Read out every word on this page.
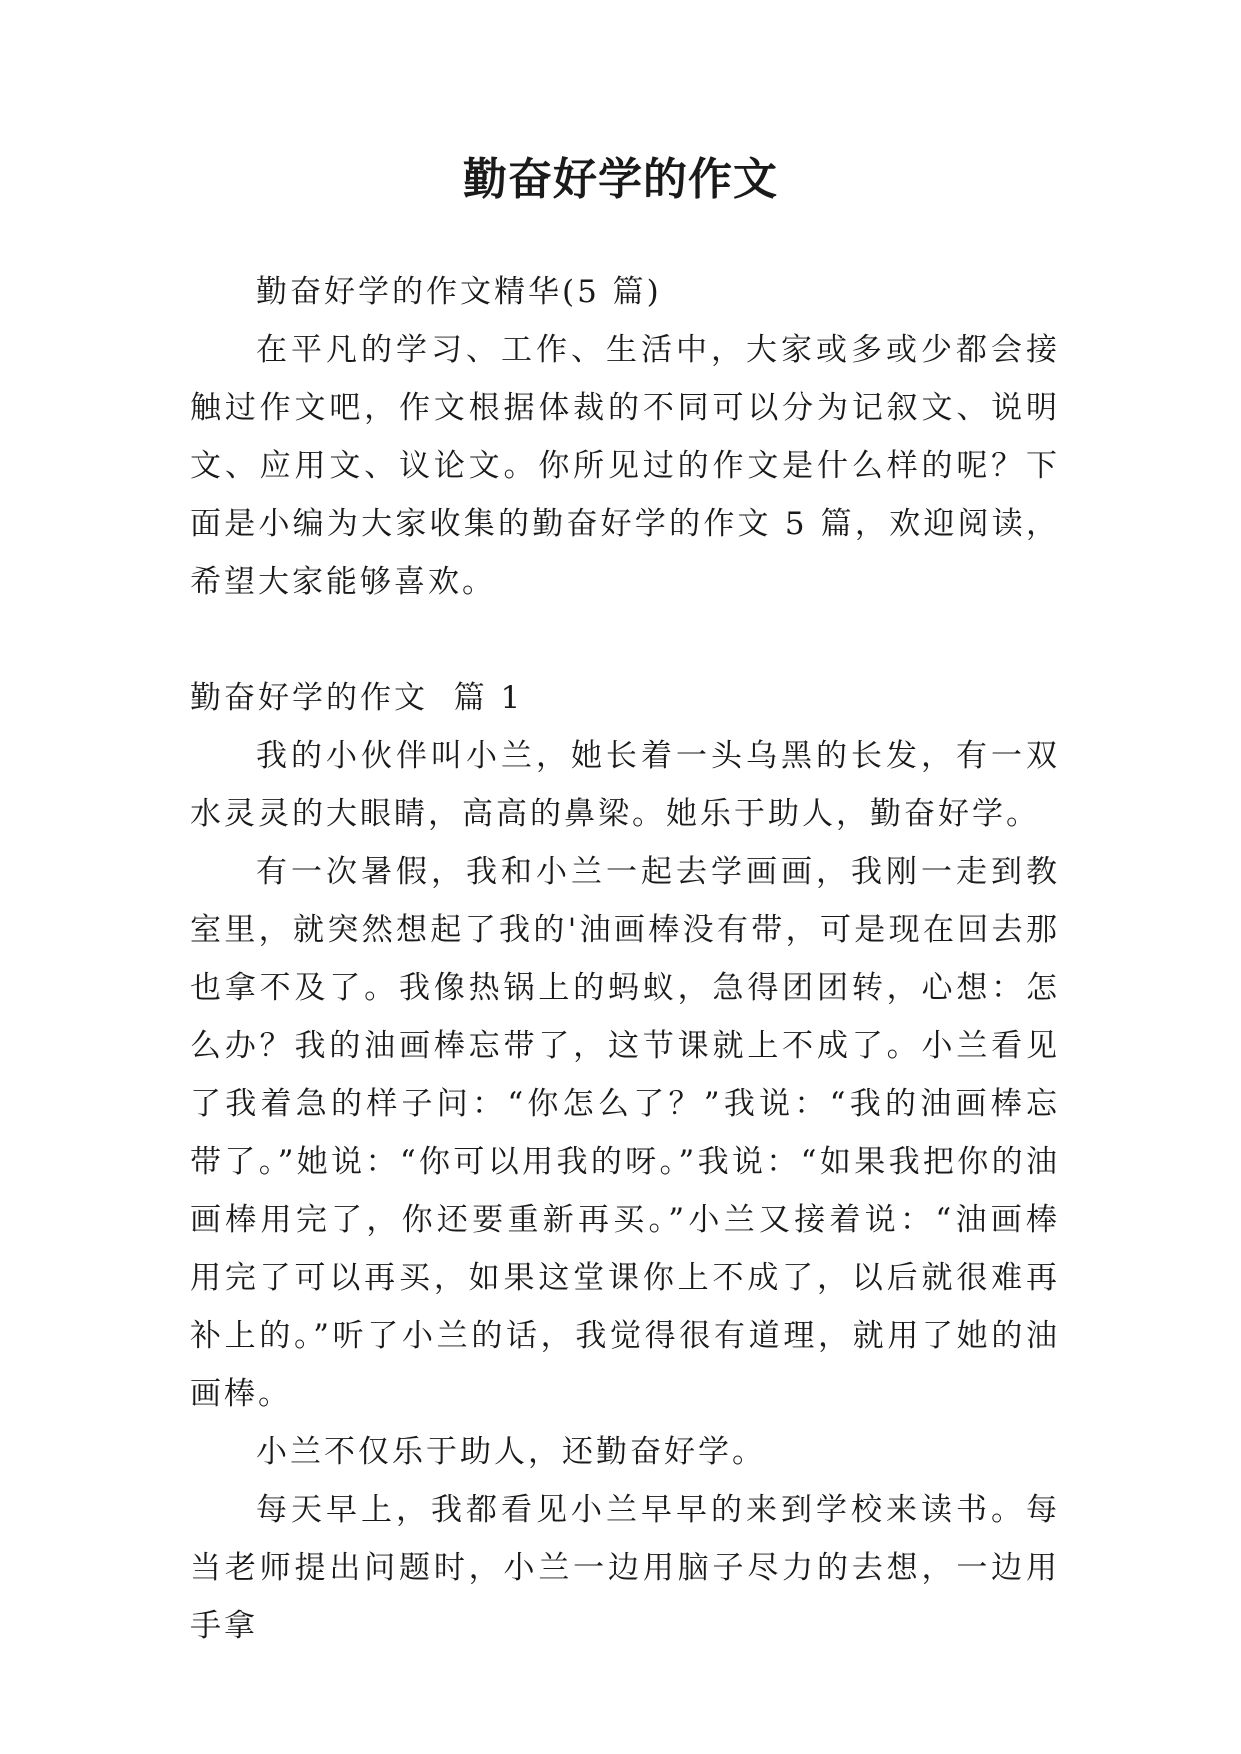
勤奋好学的作文

勤奋好学的作文精华(5 篇)

在平凡的学习、工作、生活中，大家或多或少都会接触过作文吧，作文根据体裁的不同可以分为记叙文、说明文、应用文、议论文。你所见过的作文是什么样的呢？下面是小编为大家收集的勤奋好学的作文 5 篇，欢迎阅读，希望大家能够喜欢。

勤奋好学的作文  篇 1

我的小伙伴叫小兰，她长着一头乌黑的长发，有一双水灵灵的大眼睛，高高的鼻梁。她乐于助人，勤奋好学。

有一次暑假，我和小兰一起去学画画，我刚一走到教室里，就突然想起了我的'油画棒没有带，可是现在回去那也拿不及了。我像热锅上的蚂蚁，急得团团转，心想：怎么办？我的油画棒忘带了，这节课就上不成了。小兰看见了我着急的样子问：“你怎么了？”我说：“我的油画棒忘带了。”她说：“你可以用我的呀。”我说：“如果我把你的油画棒用完了，你还要重新再买。”小兰又接着说：“油画棒用完了可以再买，如果这堂课你上不成了，以后就很难再补上的。”听了小兰的话，我觉得很有道理，就用了她的油画棒。

小兰不仅乐于助人，还勤奋好学。

每天早上，我都看见小兰早早的来到学校来读书。每当老师提出问题时，小兰一边用脑子尽力的去想，一边用手拿
